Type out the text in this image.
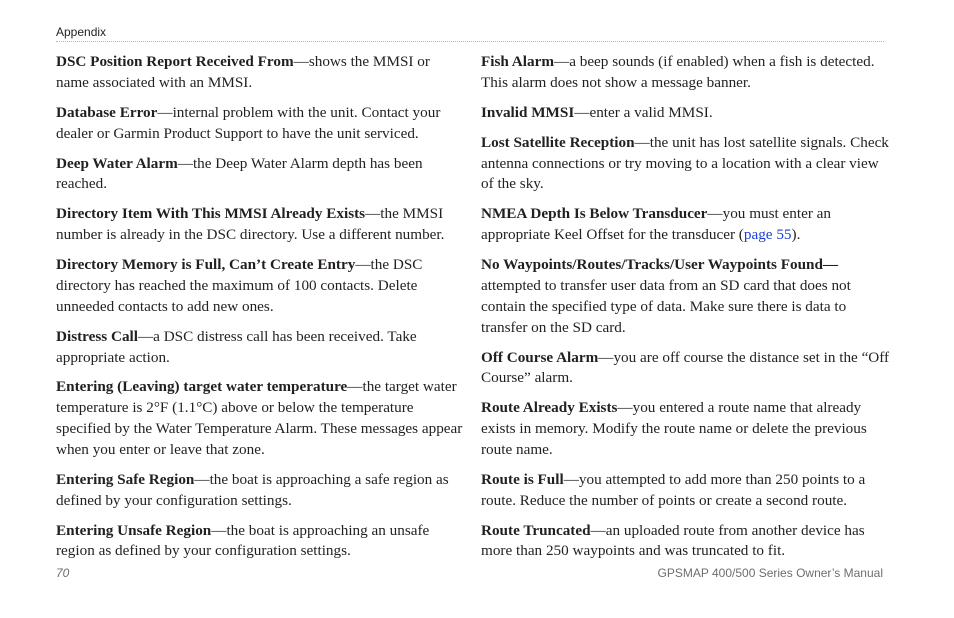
Appendix

DSC Position Report Received From—shows the MMSI or name associated with an MMSI.

Database Error—internal problem with the unit. Contact your dealer or Garmin Product Support to have the unit serviced.

Deep Water Alarm—the Deep Water Alarm depth has been reached.

Directory Item With This MMSI Already Exists—the MMSI number is already in the DSC directory. Use a different number.

Directory Memory is Full, Can’t Create Entry—the DSC directory has reached the maximum of 100 contacts. Delete unneeded contacts to add new ones.

Distress Call—a DSC distress call has been received. Take appropriate action.

Entering (Leaving) target water temperature—the target water temperature is 2°F (1.1°C) above or below the temperature specified by the Water Temperature Alarm. These messages appear when you enter or leave that zone.

Entering Safe Region—the boat is approaching a safe region as defined by your configuration settings.

Entering Unsafe Region—the boat is approaching an unsafe region as defined by your configuration settings.

Fish Alarm—a beep sounds (if enabled) when a fish is detected. This alarm does not show a message banner.

Invalid MMSI—enter a valid MMSI.

Lost Satellite Reception—the unit has lost satellite signals. Check antenna connections or try moving to a location with a clear view of the sky.

NMEA Depth Is Below Transducer—you must enter an appropriate Keel Offset for the transducer (page 55).

No Waypoints/Routes/Tracks/User Waypoints Found—attempted to transfer user data from an SD card that does not contain the specified type of data. Make sure there is data to transfer on the SD card.

Off Course Alarm—you are off course the distance set in the “Off Course” alarm.

Route Already Exists—you entered a route name that already exists in memory. Modify the route name or delete the previous route name.

Route is Full—you attempted to add more than 250 points to a route. Reduce the number of points or create a second route.

Route Truncated—an uploaded route from another device has more than 250 waypoints and was truncated to fit.

70	GPSMAP 400/500 Series Owner’s Manual
